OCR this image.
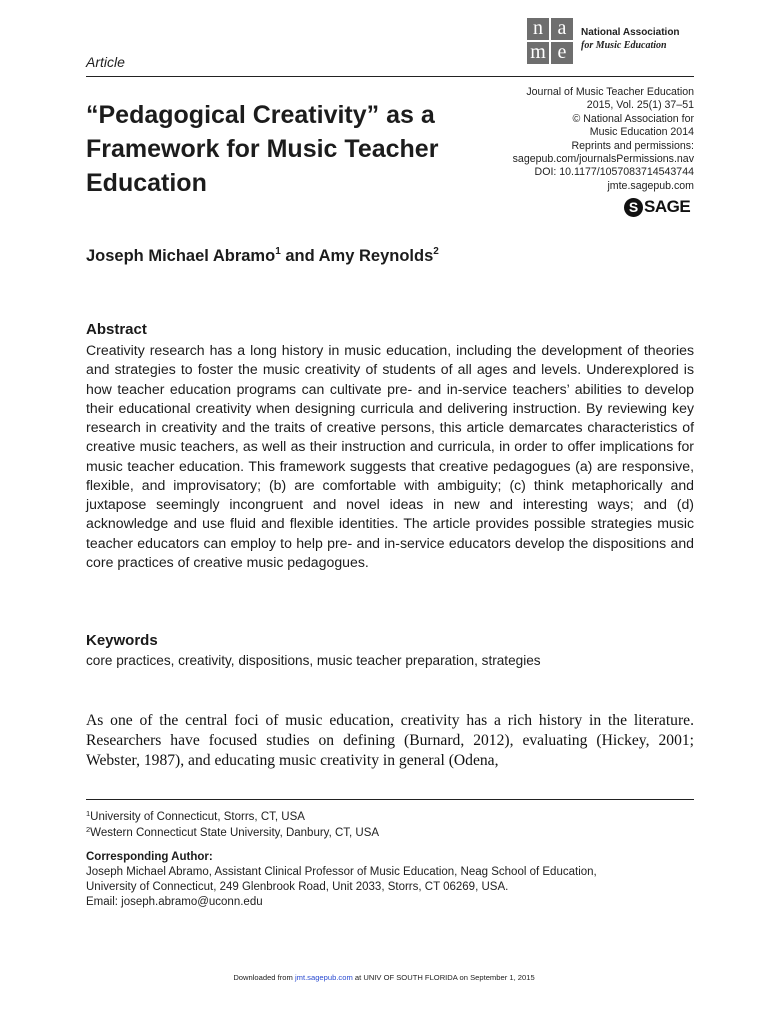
Article
n a
m e
National Association
for Music Education
Journal of Music Teacher Education
2015, Vol. 25(1) 37–51
© National Association for
Music Education 2014
Reprints and permissions:
sagepub.com/journalsPermissions.nav
DOI: 10.1177/1057083714543744
jmte.sagepub.com
S SAGE
“Pedagogical Creativity” as a Framework for Music Teacher Education
Joseph Michael Abramo$^1$ and Amy Reynolds$^2$
Abstract

Creativity research has a long history in music education, including the development of theories and strategies to foster the music creativity of students of all ages and levels. Underexplored is how teacher education programs can cultivate pre- and in-service teachers’ abilities to develop their educational creativity when designing curricula and delivering instruction. By reviewing key research in creativity and the traits of creative persons, this article demarcates characteristics of creative music teachers, as well as their instruction and curricula, in order to offer implications for music teacher education. This framework suggests that creative pedagogues (a) are responsive, flexible, and improvisatory; (b) are comfortable with ambiguity; (c) think metaphorically and juxtapose seemingly incongruent and novel ideas in new and interesting ways; and (d) acknowledge and use fluid and flexible identities. The article provides possible strategies music teacher educators can employ to help pre- and in-service educators develop the dispositions and core practices of creative music pedagogues.

Keywords

core practices, creativity, dispositions, music teacher preparation, strategies

As one of the central foci of music education, creativity has a rich history in the literature. Researchers have focused studies on defining (Burnard, 2012), evaluating (Hickey, 2001; Webster, 1987), and educating music creativity in general (Odena,

$^1$University of Connecticut, Storrs, CT, USA
$^2$Western Connecticut State University, Danbury, CT, USA
Corresponding Author:
Joseph Michael Abramo, Assistant Clinical Professor of Music Education, Neag School of Education,
University of Connecticut, 249 Glenbrook Road, Unit 2033, Storrs, CT 06269, USA.
Email: joseph.abramo@uconn.edu
Downloaded from jmt.sagepub.com at UNIV OF SOUTH FLORIDA on September 1, 2015
